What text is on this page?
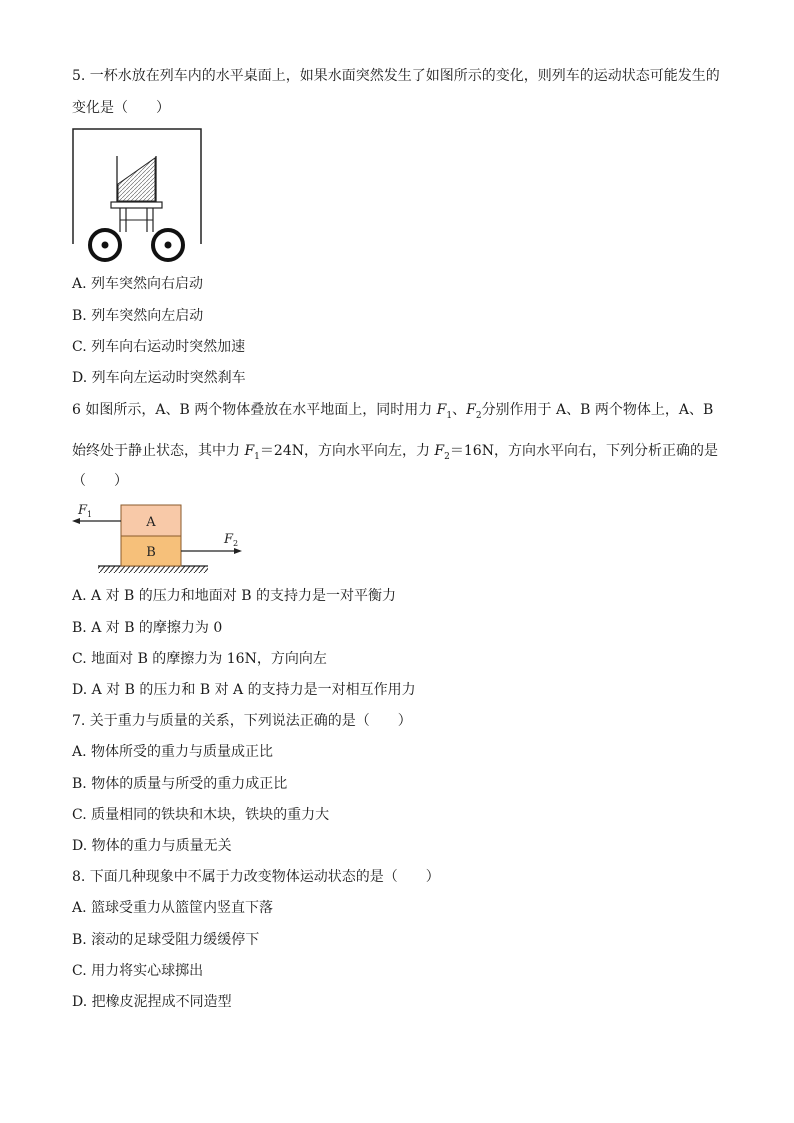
5. 一杯水放在列车内的水平桌面上，如果水面突然发生了如图所示的变化，则列车的运动状态可能发生的
变化是（　　）
A. 列车突然向右启动
B. 列车突然向左启动
C. 列车向右运动时突然加速
D. 列车向左运动时突然刹车
6 如图所示，A、B 两个物体叠放在水平地面上，同时用力 $F_1$、$F_2$分别作用于 A、B 两个物体上，A、B
始终处于静止状态，其中力 $F_1=24N$，方向水平向左，力 $F_2=16N$，方向水平向右，下列分析正确的是
（　　）
B
A
$F_1$
$F_2$
A. A 对 B 的压力和地面对 B 的支持力是一对平衡力
B. A 对 B 的摩擦力为 0
C. 地面对 B 的摩擦力为 16N，方向向左
D. A 对 B 的压力和 B 对 A 的支持力是一对相互作用力
7. 关于重力与质量的关系，下列说法正确的是（　　）
A. 物体所受的重力与质量成正比
B. 物体的质量与所受的重力成正比
C. 质量相同的铁块和木块，铁块的重力大
D. 物体的重力与质量无关
8. 下面几种现象中不属于力改变物体运动状态的是（　　）
A. 篮球受重力从篮筐内竖直下落
B. 滚动的足球受阻力缓缓停下
C. 用力将实心球掷出
D. 把橡皮泥捏成不同造型
